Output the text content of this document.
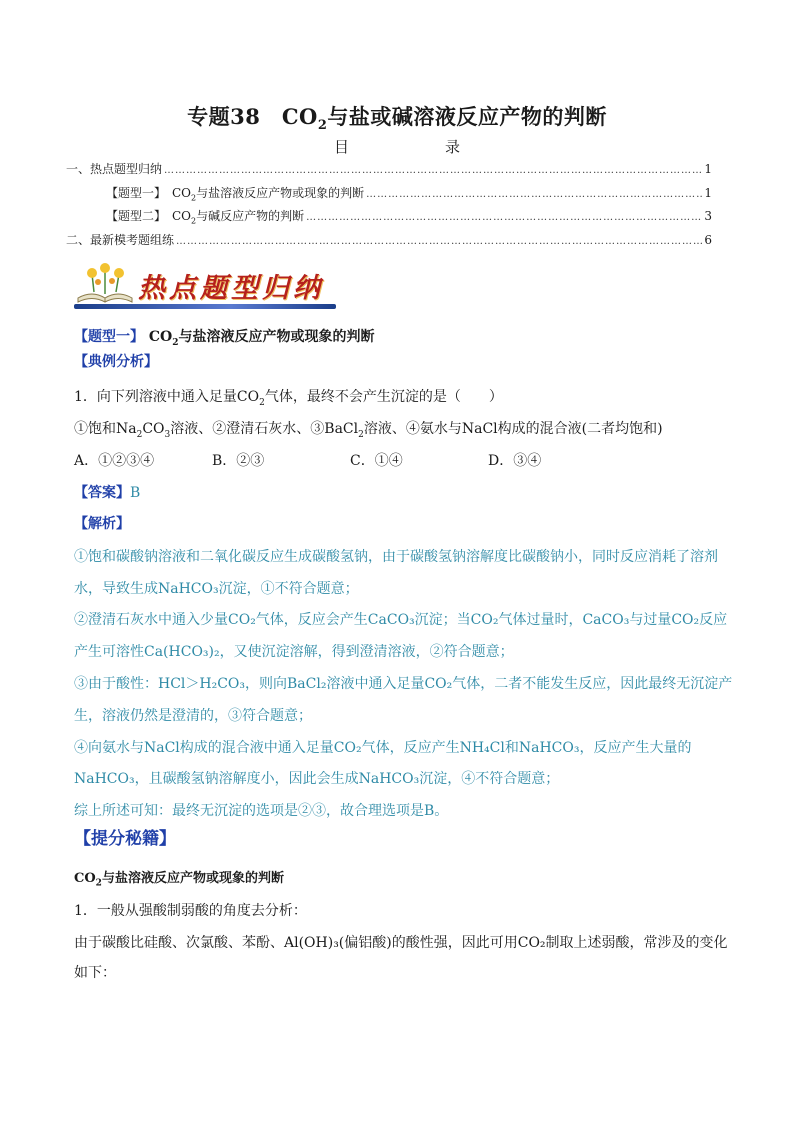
专题38　$CO_2$与盐或碱溶液反应产物的判断
目	录
一、热点题型归纳 ……………………………………………………………………………………………………………………………………………………………………………………………………	1
【题型一】　$CO_2$与盐溶液反应产物或现象的判断 ……………………………………………………………………………………………………………………………………………………………………………………………………	1
【题型二】　$CO_2$与碱反应产物的判断 ……………………………………………………………………………………………………………………………………………………………………………………………………	3
二、最新模考题组练 ……………………………………………………………………………………………………………………………………………………………………………………………………	6
热点题型归纳
【题型一】 $CO_2$与盐溶液反应产物或现象的判断
【典例分析】
1．向下列溶液中通入足量$CO_2$气体，最终不会产生沉淀的是（　　）
①饱和$Na_2CO_3$溶液、②澄清石灰水、③BaCl$_2$溶液、④氨水与NaCl构成的混合液(二者均饱和)
A．①②③④	B．②③	C．①④	D．③④
【答案】B
【解析】
①饱和碳酸钠溶液和二氧化碳反应生成碳酸氢钠，由于碳酸氢钠溶解度比碳酸钠小，同时反应消耗了溶剂
水，导致生成NaHCO₃沉淀，①不符合题意；
②澄清石灰水中通入少量CO₂气体，反应会产生CaCO₃沉淀；当CO₂气体过量时，CaCO₃与过量CO₂反应
产生可溶性Ca(HCO₃)₂，又使沉淀溶解，得到澄清溶液，②符合题意；
③由于酸性：HCl＞H₂CO₃，则向BaCl₂溶液中通入足量CO₂气体，二者不能发生反应，因此最终无沉淀产
生，溶液仍然是澄清的，③符合题意；
④向氨水与NaCl构成的混合液中通入足量CO₂气体，反应产生NH₄Cl和NaHCO₃，反应产生大量的
NaHCO₃，且碳酸氢钠溶解度小，因此会生成NaHCO₃沉淀，④不符合题意；
综上所述可知：最终无沉淀的选项是②③，故合理选项是B。
【提分秘籍】
$CO_2$与盐溶液反应产物或现象的判断
1．一般从强酸制弱酸的角度去分析：
由于碳酸比硅酸、次氯酸、苯酚、Al(OH)₃(偏铝酸)的酸性强，因此可用CO₂制取上述弱酸，常涉及的变化
如下：
